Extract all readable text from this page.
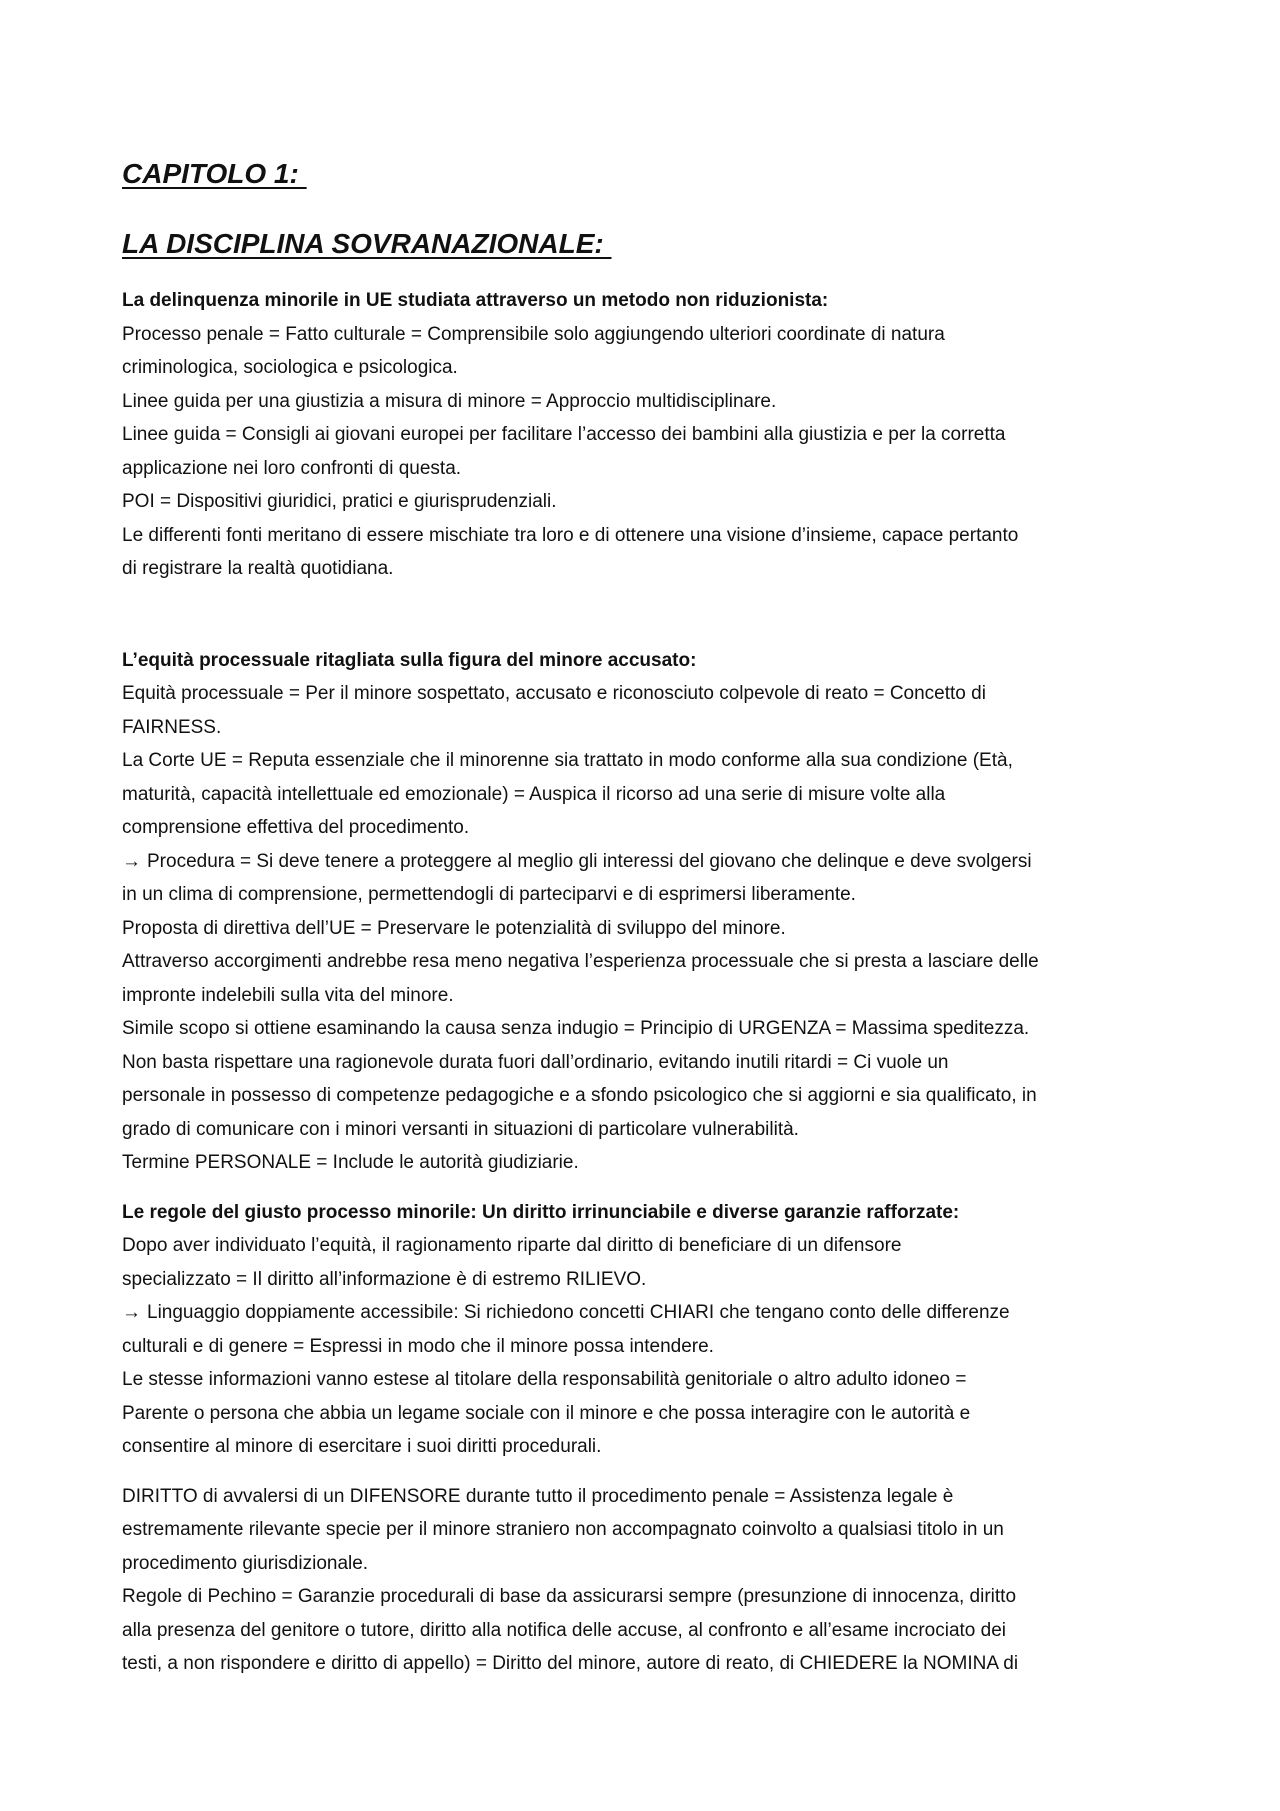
CAPITOLO 1:

LA DISCIPLINA SOVRANAZIONALE:

La delinquenza minorile in UE studiata attraverso un metodo non riduzionista:

Processo penale = Fatto culturale = Comprensibile solo aggiungendo ulteriori coordinate di natura

criminologica, sociologica e psicologica.

Linee guida per una giustizia a misura di minore = Approccio multidisciplinare.

Linee guida = Consigli ai giovani europei per facilitare l’accesso dei bambini alla giustizia e per la corretta

applicazione nei loro confronti di questa.

POI = Dispositivi giuridici, pratici e giurisprudenziali.

Le differenti fonti meritano di essere mischiate tra loro e di ottenere una visione d’insieme, capace pertanto

di registrare la realtà quotidiana.

L’equità processuale ritagliata sulla figura del minore accusato:

Equità processuale = Per il minore sospettato, accusato e riconosciuto colpevole di reato = Concetto di

FAIRNESS.

La Corte UE = Reputa essenziale che il minorenne sia trattato in modo conforme alla sua condizione (Età,

maturità, capacità intellettuale ed emozionale) = Auspica il ricorso ad una serie di misure volte alla

comprensione effettiva del procedimento.

→ Procedura = Si deve tenere a proteggere al meglio gli interessi del giovano che delinque e deve svolgersi

in un clima di comprensione, permettendogli di parteciparvi e di esprimersi liberamente.

Proposta di direttiva dell’UE = Preservare le potenzialità di sviluppo del minore.

Attraverso accorgimenti andrebbe resa meno negativa l’esperienza processuale che si presta a lasciare delle

impronte indelebili sulla vita del minore.

Simile scopo si ottiene esaminando la causa senza indugio = Principio di URGENZA = Massima speditezza.

Non basta rispettare una ragionevole durata fuori dall’ordinario, evitando inutili ritardi = Ci vuole un

personale in possesso di competenze pedagogiche e a sfondo psicologico che si aggiorni e sia qualificato, in

grado di comunicare con i minori versanti in situazioni di particolare vulnerabilità.

Termine PERSONALE = Include le autorità giudiziarie.

Le regole del giusto processo minorile: Un diritto irrinunciabile e diverse garanzie rafforzate:

Dopo aver individuato l’equità, il ragionamento riparte dal diritto di beneficiare di un difensore

specializzato = Il diritto all’informazione è di estremo RILIEVO.

→ Linguaggio doppiamente accessibile: Si richiedono concetti CHIARI che tengano conto delle differenze

culturali e di genere = Espressi in modo che il minore possa intendere.

Le stesse informazioni vanno estese al titolare della responsabilità genitoriale o altro adulto idoneo =

Parente o persona che abbia un legame sociale con il minore e che possa interagire con le autorità e

consentire al minore di esercitare i suoi diritti procedurali.

DIRITTO di avvalersi di un DIFENSORE durante tutto il procedimento penale = Assistenza legale è

estremamente rilevante specie per il minore straniero non accompagnato coinvolto a qualsiasi titolo in un

procedimento giurisdizionale.

Regole di Pechino = Garanzie procedurali di base da assicurarsi sempre (presunzione di innocenza, diritto

alla presenza del genitore o tutore, diritto alla notifica delle accuse, al confronto e all’esame incrociato dei

testi, a non rispondere e diritto di appello) = Diritto del minore, autore di reato, di CHIEDERE la NOMINA di
